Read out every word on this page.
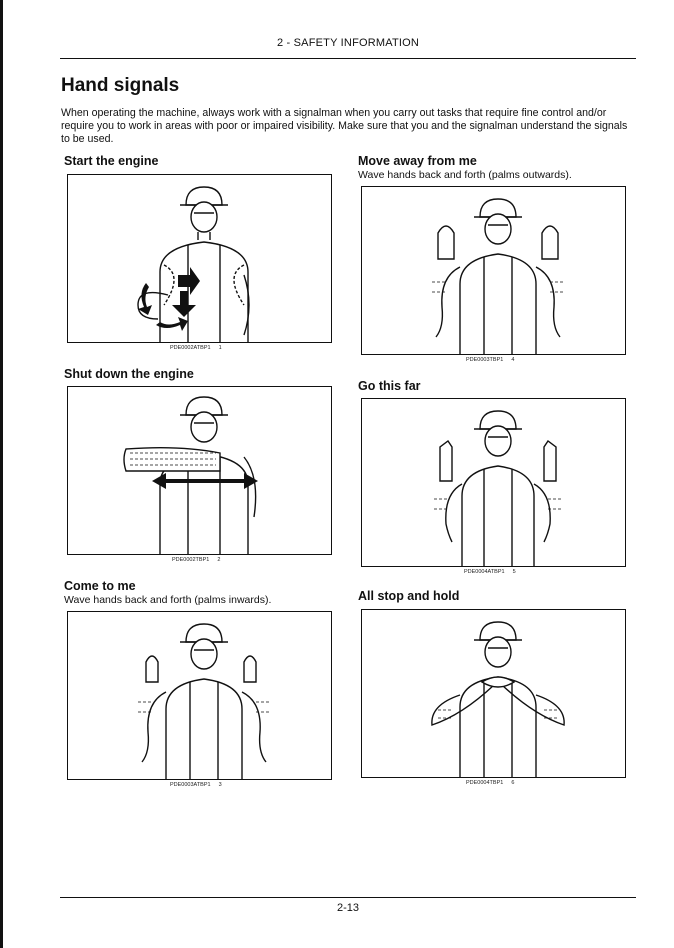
2 - SAFETY INFORMATION
Hand signals

When operating the machine, always work with a signalman when you carry out tasks that require fine control and/or require you to work in areas with poor or impaired visibility. Make sure that you and the signalman understand the signals to be used.

Start the engine

PDE0002ATBP1 1

Shut down the engine

PDE0002TBP1 2

Come to me

Wave hands back and forth (palms inwards).

PDE0003ATBP1 3

Move away from me

Wave hands back and forth (palms outwards).

PDE0003TBP1 4

Go this far

PDE0004ATBP1 5

All stop and hold

PDE0004TBP1 6
2-13
